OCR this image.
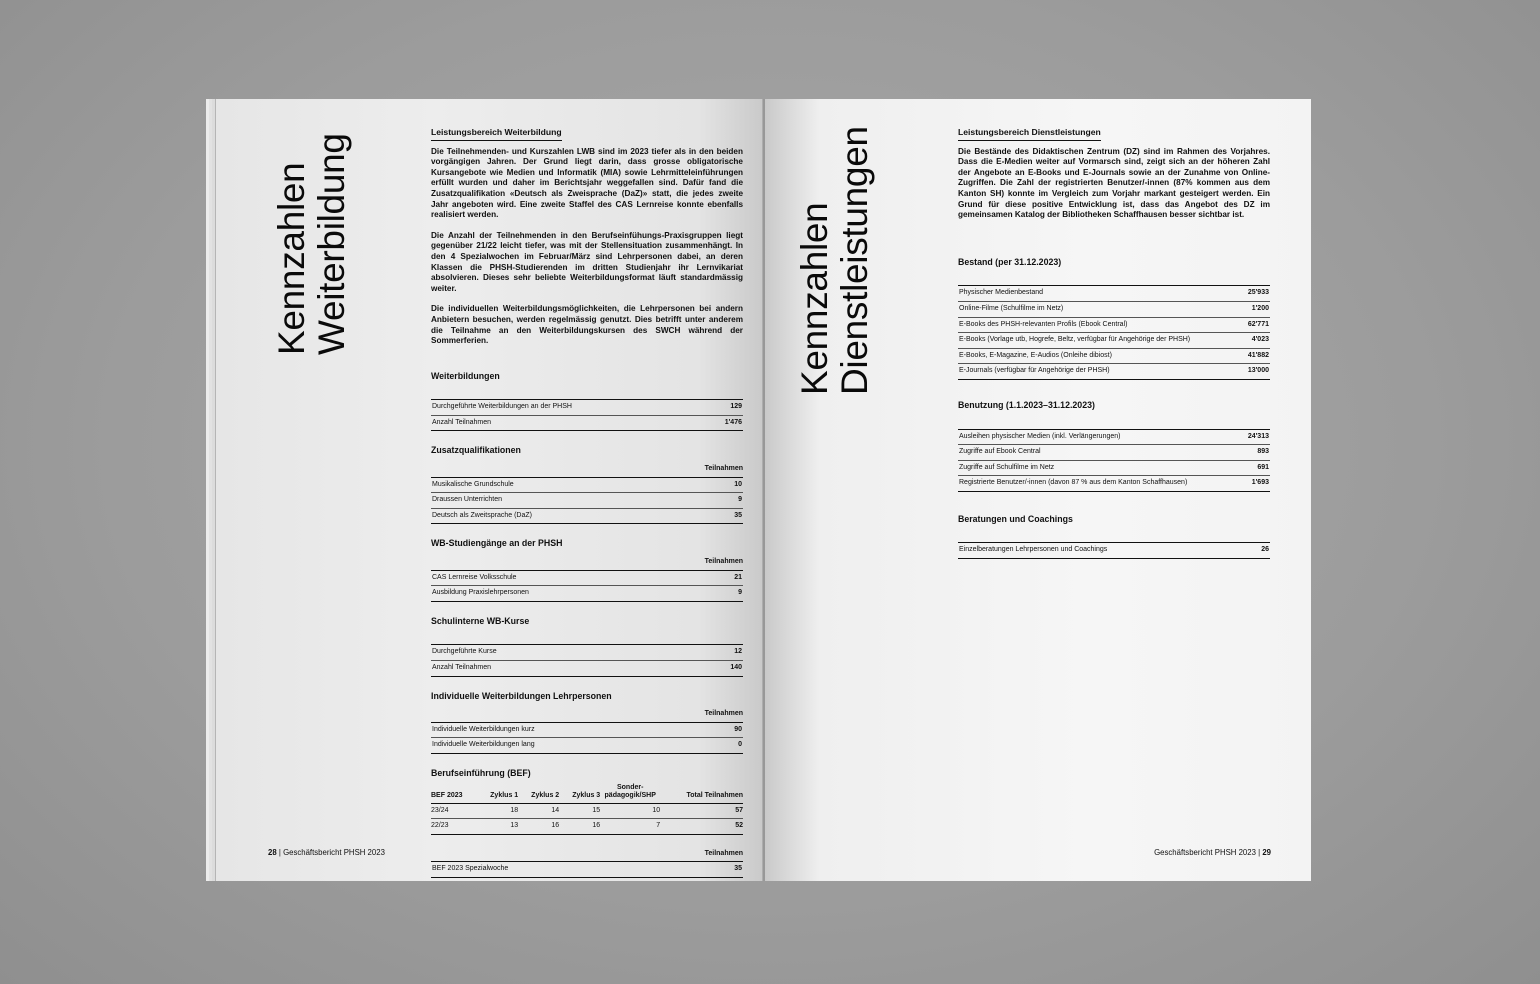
Kennzahlen Weiterbildung
Leistungsbereich Weiterbildung

Die Teilnehmenden- und Kurszahlen LWB sind im 2023 tiefer als in den beiden vorgängigen Jahren. Der Grund liegt darin, dass grosse obligatorische Kursangebote wie Medien und Informatik (MIA) sowie Lehrmitteleinführungen erfüllt wurden und daher im Berichtsjahr weggefallen sind. Dafür fand die Zusatzqualifikation «Deutsch als Zweisprache (DaZ)» statt, die jedes zweite Jahr angeboten wird. Eine zweite Staffel des CAS Lernreise konnte ebenfalls realisiert werden.

Die Anzahl der Teilnehmenden in den Berufseinfühungs-Praxisgruppen liegt gegenüber 21/22 leicht tiefer, was mit der Stellensituation zusammenhängt. In den 4 Spezialwochen im Februar/März sind Lehrpersonen dabei, an deren Klassen die PHSH-Studierenden im dritten Studienjahr ihr Lernvikariat absolvieren. Dieses sehr beliebte Weiterbildungsformat läuft standardmässig weiter.

Die individuellen Weiterbildungsmöglichkeiten, die Lehrpersonen bei andern Anbietern besuchen, werden regelmässig genutzt. Dies betrifft unter anderem die Teilnahme an den Weiterbildungskursen des SWCH während der Sommerferien.

Weiterbildungen
Durchgeführte Weiterbildungen an der PHSH	129
Anzahl Teilnahmen	1'476
Zusatzqualifikationen
Teilnahmen
Musikalische Grundschule	10
Draussen Unterrichten	9
Deutsch als Zweitsprache (DaZ)	35
WB-Studiengänge an der PHSH
Teilnahmen
CAS Lernreise Volksschule	21
Ausbildung Praxislehrpersonen	9
Schulinterne WB-Kurse
Durchgeführte Kurse	12
Anzahl Teilnahmen	140
Individuelle Weiterbildungen Lehrpersonen
Teilnahmen
Individuelle Weiterbildungen kurz	90
Individuelle Weiterbildungen lang	0
Berufseinführung (BEF)
BEF 2023	Zyklus 1	Zyklus 2	Zyklus 3	Sonder-pädagogik/SHP	Total Teilnahmen
23/24	18	14	15	10	57
22/23	13	16	16	7	52
Teilnahmen
BEF 2023 Spezialwoche	35
28 | Geschäftsbericht PHSH 2023
Kennzahlen Dienstleistungen	Leistungsbereich Dienstleistungen

Die Bestände des Didaktischen Zentrum (DZ) sind im Rahmen des Vorjahres. Dass die E-Medien weiter auf Vormarsch sind, zeigt sich an der höheren Zahl der Angebote an E-Books und E-Journals sowie an der Zunahme von Online-Zugriffen. Die Zahl der registrierten Benutzer/-innen (87% kommen aus dem Kanton SH) konnte im Vergleich zum Vorjahr markant gesteigert werden. Ein Grund für diese positive Entwicklung ist, dass das Angebot des DZ im gemeinsamen Katalog der Bibliotheken Schaffhausen besser sichtbar ist.

Bestand (per 31.12.2023)
Physischer Medienbestand	25'933
Online-Filme (Schulfilme im Netz)	1'200
E-Books des PHSH-relevanten Profils (Ebook Central)	62'771
E-Books (Vorlage utb, Hogrefe, Beltz, verfügbar für Angehörige der PHSH)	4'023
E-Books, E-Magazine, E-Audios (Onleihe dibiost)	41'882
E-Journals (verfügbar für Angehörige der PHSH)	13'000
Benutzung (1.1.2023–31.12.2023)
Ausleihen physischer Medien (inkl. Verlängerungen)	24'313
Zugriffe auf Ebook Central	893
Zugriffe auf Schulfilme im Netz	691
Registrierte Benutzer/-innen (davon 87 % aus dem Kanton Schaffhausen)	1'693
Beratungen und Coachings
Einzelberatungen Lehrpersonen und Coachings	26
Geschäftsbericht PHSH 2023 | 29
